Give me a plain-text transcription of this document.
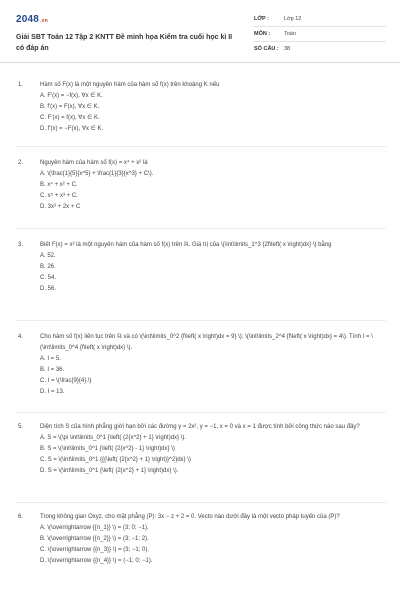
2048.vn
Giải SBT Toán 12 Tập 2 KNTT Đề minh họa Kiểm tra cuối học kì II có đáp án
LỚP :	Lớp 12
MÔN :	Toán
SỐ CÂU : 38
1.	Hàm số F(x) là một nguyên hàm của hàm số f(x) trên khoảng K nếu
A. F'(x) = −f(x), ∀x ∈ K.
B. f'(x) = F(x), ∀x ∈ K.
C. F'(x) = f(x), ∀x ∈ K.
D. f'(x) = −F(x), ∀x ∈ K.
2.	Nguyên hàm của hàm số f(x) = x⁴ + x² là
A. \(\frac{1}{5}{x^5} + \frac{1}{3}{x^3} + C\).
B. x⁴ + x² + C.
C. x⁵ + x³ + C.
D. 3x³ + 2x + C
3.	Biết F(x) = x³ là một nguyên hàm của hàm số f(x) trên ℝ. Giá trị của \(\int\limits_1^3 {2f\left( x \right)dx} \) bằng
A. 52.
B. 26.
C. 54.
D. 56.
4.	Cho hàm số f(x) liên tục trên ℝ và có \(\int\limits_0^2 {f\left( x \right)dx = 9} \); \(\int\limits_2^4 {f\left( x \right)dx} = 4\). Tính I = \(\int\limits_0^4 {f\left( x \right)dx} \).
A. I = 5.
B. I = 36.
C. I = \(\frac{9}{4}.\)
D. I = 13.
5.	Diện tích S của hình phẳng giới hạn bởi các đường y = 2x², y = −1, x = 0 và x = 1 được tính bởi công thức nào sau đây?
A. S = \(\pi \int\limits_0^1 {\left( {2{x^2} + 1} \right)dx} \).
B. S = \(\int\limits_0^1 {\left( {2{x^2} - 1} \right)dx} \)
C. S = \(\int\limits_0^1 {{{\left( {2{x^2} + 1} \right)}^2}dx} \)
D. S = \(\int\limits_0^1 {\left( {2{x^2} + 1} \right)dx} \).
6.	Trong không gian Oxyz, cho mặt phẳng (P): 3x − z + 2 = 0. Vecto nào dưới đây là một vecto pháp tuyến của (P)?
A. \(\overrightarrow {{n_1}} \) = (3; 0; −1).
B. \(\overrightarrow {{n_2}} \) = (3; −1; 2).
C. \(\overrightarrow {{n_3}} \) = (3; −1; 0).
D. \(\overrightarrow {{n_4}} \) = (−1; 0; −1).
